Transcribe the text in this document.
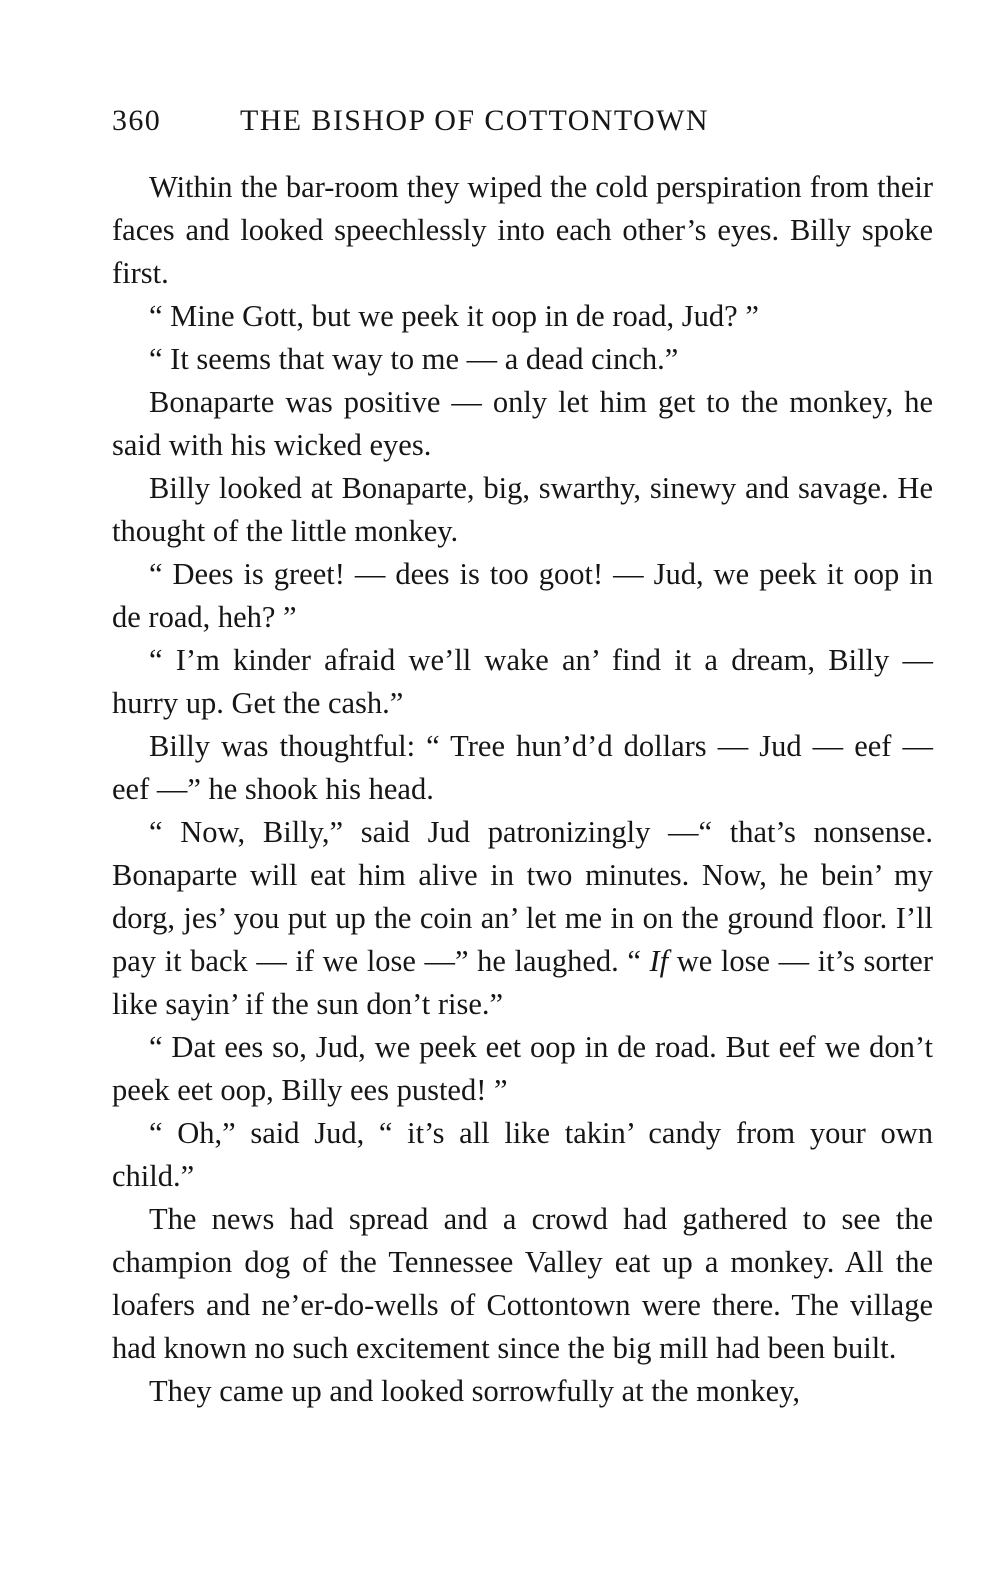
360	THE BISHOP OF COTTONTOWN

Within the bar-room they wiped the cold perspiration from their faces and looked speechlessly into each other’s eyes. Billy spoke first.

“ Mine Gott, but we peek it oop in de road, Jud? ”

“ It seems that way to me — a dead cinch.”

Bonaparte was positive — only let him get to the monkey, he said with his wicked eyes.

Billy looked at Bonaparte, big, swarthy, sinewy and savage. He thought of the little monkey.

“ Dees is greet! — dees is too goot! — Jud, we peek it oop in de road, heh? ”

“ I’m kinder afraid we’ll wake an’ find it a dream, Billy — hurry up. Get the cash.”

Billy was thoughtful: “ Tree hun’d’d dollars — Jud — eef — eef —” he shook his head.

“ Now, Billy,” said Jud patronizingly —“ that’s nonsense. Bonaparte will eat him alive in two minutes. Now, he bein’ my dorg, jes’ you put up the coin an’ let me in on the ground floor. I’ll pay it back — if we lose —” he laughed. “ If we lose — it’s sorter like sayin’ if the sun don’t rise.”

“ Dat ees so, Jud, we peek eet oop in de road. But eef we don’t peek eet oop, Billy ees pusted! ”

“ Oh,” said Jud, “ it’s all like takin’ candy from your own child.”

The news had spread and a crowd had gathered to see the champion dog of the Tennessee Valley eat up a monkey. All the loafers and ne’er-do-wells of Cottontown were there. The village had known no such excitement since the big mill had been built.

They came up and looked sorrowfully at the monkey,
